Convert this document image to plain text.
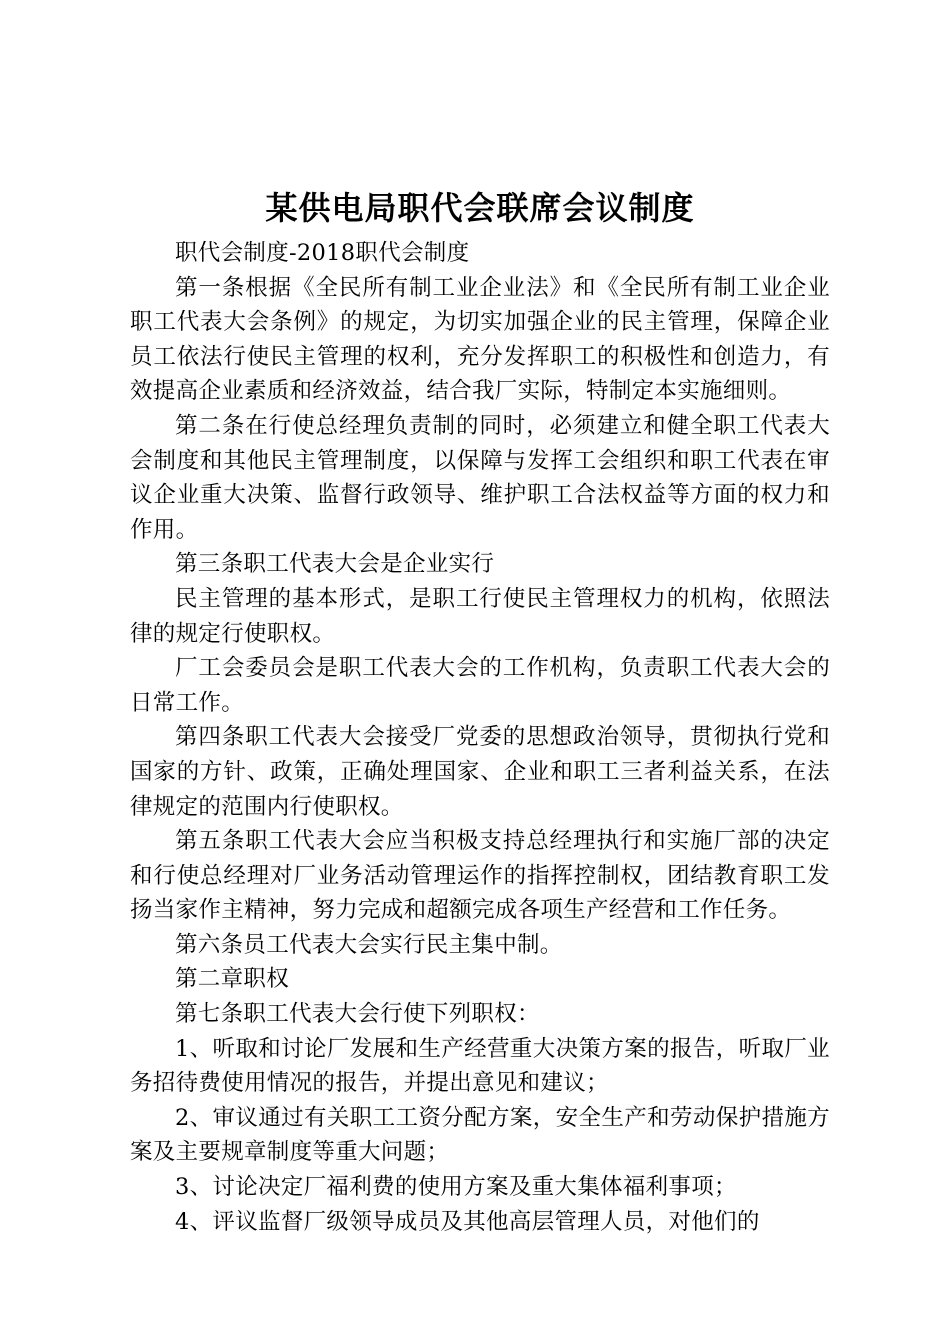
某供电局职代会联席会议制度

职代会制度-2018职代会制度

第一条根据《全民所有制工业企业法》和《全民所有制工业企业职工代表大会条例》的规定，为切实加强企业的民主管理，保障企业员工依法行使民主管理的权利，充分发挥职工的积极性和创造力，有效提高企业素质和经济效益，结合我厂实际，特制定本实施细则。

第二条在行使总经理负责制的同时，必须建立和健全职工代表大会制度和其他民主管理制度，以保障与发挥工会组织和职工代表在审议企业重大决策、监督行政领导、维护职工合法权益等方面的权力和作用。

第三条职工代表大会是企业实行

民主管理的基本形式，是职工行使民主管理权力的机构，依照法律的规定行使职权。

厂工会委员会是职工代表大会的工作机构，负责职工代表大会的日常工作。

第四条职工代表大会接受厂党委的思想政治领导，贯彻执行党和国家的方针、政策，正确处理国家、企业和职工三者利益关系，在法律规定的范围内行使职权。

第五条职工代表大会应当积极支持总经理执行和实施厂部的决定和行使总经理对厂业务活动管理运作的指挥控制权，团结教育职工发扬当家作主精神，努力完成和超额完成各项生产经营和工作任务。

第六条员工代表大会实行民主集中制。

第二章职权

第七条职工代表大会行使下列职权：

1、听取和讨论厂发展和生产经营重大决策方案的报告，听取厂业务招待费使用情况的报告，并提出意见和建议；

2、审议通过有关职工工资分配方案，安全生产和劳动保护措施方案及主要规章制度等重大问题；

3、讨论决定厂福利费的使用方案及重大集体福利事项；

4、评议监督厂级领导成员及其他高层管理人员，对他们的
